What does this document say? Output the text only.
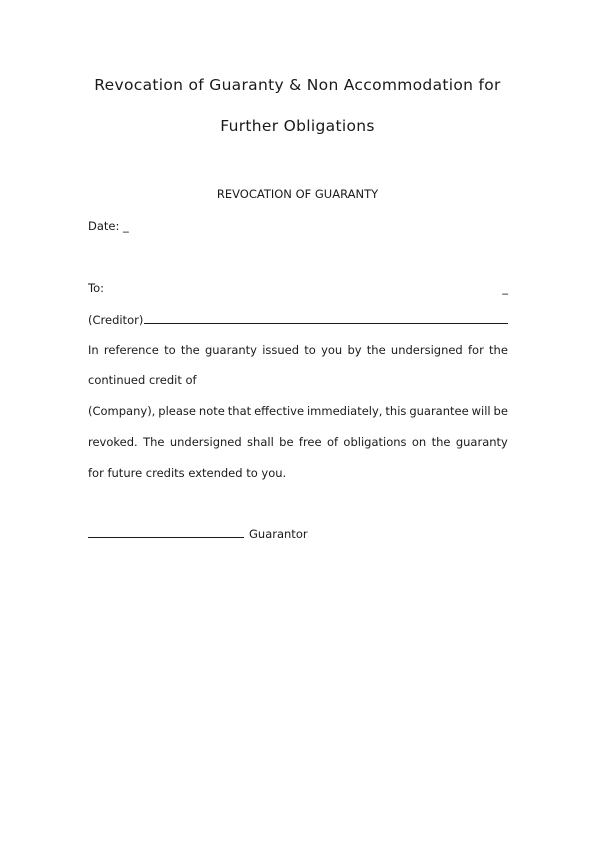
Revocation of Guaranty & Non Accommodation for
Further Obligations
REVOCATION OF GUARANTY
Date: _
To:	_
(Creditor)
In reference to the guaranty issued to you by the undersigned for the
continued credit of
(Company), please note that effective immediately, this guarantee will be
revoked. The undersigned shall be free of obligations on the guaranty
for future credits extended to you.
Guarantor
